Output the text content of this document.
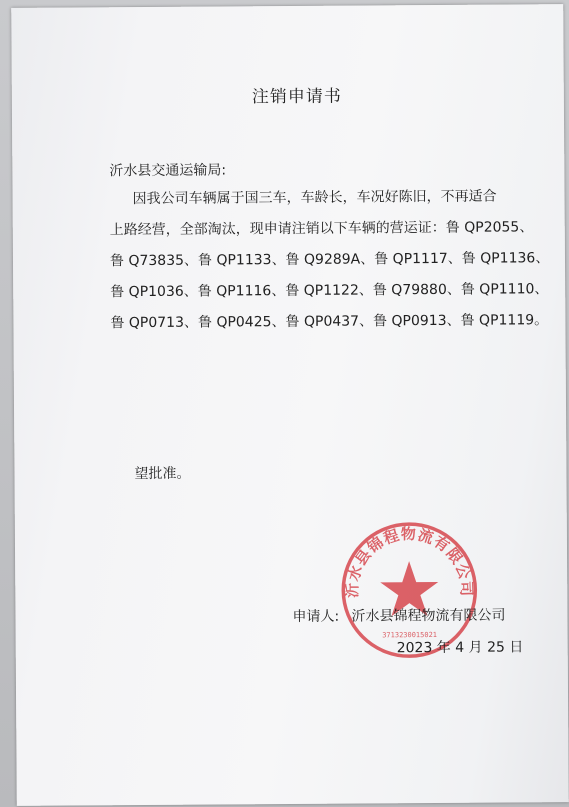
注销申请书
沂水县交通运输局:
因我公司车辆属于国三车，车龄长，车况好陈旧，不再适合
上路经营，全部淘汰，现申请注销以下车辆的营运证：鲁 QP2055、
鲁 Q73835、鲁 QP1133、鲁 Q9289A、鲁 QP1117、鲁 QP1136、
鲁 QP1036、鲁 QP1116、鲁 QP1122、鲁 Q79880、鲁 QP1110、
鲁 QP0713、鲁 QP0425、鲁 QP0437、鲁 QP0913、鲁 QP1119。
望批准。
沂水县锦程物流有限公司
3713230015021
申请人: 沂水县锦程物流有限公司
2023 年 4 月 25 日
